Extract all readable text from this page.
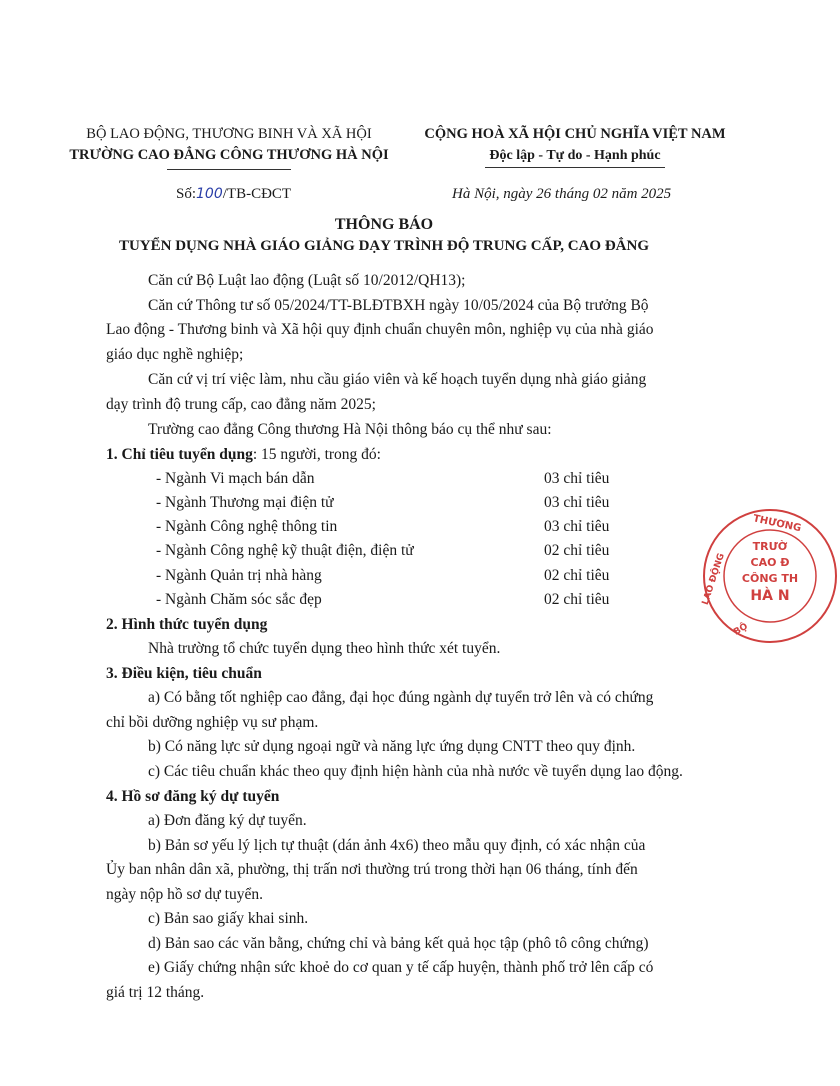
BỘ LAO ĐỘNG, THƯƠNG BINH VÀ XÃ HỘI
TRƯỜNG CAO ĐẲNG CÔNG THƯƠNG HÀ NỘI
CỘNG HOÀ XÃ HỘI CHỦ NGHĨA VIỆT NAM
Độc lập - Tự do - Hạnh phúc
Số:100/TB-CĐCT	Hà Nội, ngày 26 tháng 02 năm 2025
THÔNG BÁO
TUYỂN DỤNG NHÀ GIÁO GIẢNG DẠY TRÌNH ĐỘ TRUNG CẤP, CAO ĐẲNG
Căn cứ Bộ Luật lao động (Luật số 10/2012/QH13);
Căn cứ Thông tư số 05/2024/TT-BLĐTBXH ngày 10/05/2024 của Bộ trưởng Bộ
Lao động - Thương binh và Xã hội quy định chuẩn chuyên môn, nghiệp vụ của nhà giáo
giáo dục nghề nghiệp;
Căn cứ vị trí việc làm, nhu cầu giáo viên và kế hoạch tuyển dụng nhà giáo giảng
dạy trình độ trung cấp, cao đẳng năm 2025;
Trường cao đẳng Công thương Hà Nội thông báo cụ thể như sau:
1. Chỉ tiêu tuyển dụng: 15 người, trong đó:
- Ngành Vi mạch bán dẫn	03 chỉ tiêu
- Ngành Thương mại điện tử	03 chỉ tiêu
- Ngành Công nghệ thông tin	03 chỉ tiêu
- Ngành Công nghệ kỹ thuật điện, điện tử	02 chỉ tiêu
- Ngành Quản trị nhà hàng	02 chỉ tiêu
- Ngành Chăm sóc sắc đẹp	02 chỉ tiêu
2. Hình thức tuyển dụng
Nhà trường tổ chức tuyển dụng theo hình thức xét tuyển.
3. Điều kiện, tiêu chuẩn
a) Có bằng tốt nghiệp cao đẳng, đại học đúng ngành dự tuyển trở lên và có chứng
chỉ bồi dưỡng nghiệp vụ sư phạm.
b) Có năng lực sử dụng ngoại ngữ và năng lực ứng dụng CNTT theo quy định.
c) Các tiêu chuẩn khác theo quy định hiện hành của nhà nước về tuyển dụng lao động.
4. Hồ sơ đăng ký dự tuyển
a) Đơn đăng ký dự tuyển.
b) Bản sơ yếu lý lịch tự thuật (dán ảnh 4x6) theo mẫu quy định, có xác nhận của
Ủy ban nhân dân xã, phường, thị trấn nơi thường trú trong thời hạn 06 tháng, tính đến
ngày nộp hồ sơ dự tuyển.
c) Bản sao giấy khai sinh.
d) Bản sao các văn bằng, chứng chỉ và bảng kết quả học tập (phô tô công chứng)
e) Giấy chứng nhận sức khoẻ do cơ quan y tế cấp huyện, thành phố trở lên cấp có
giá trị 12 tháng.
THƯƠNG
LAO ĐỘNG
BỘ
TRƯỜ
CAO Đ
CÔNG TH
HÀ N
